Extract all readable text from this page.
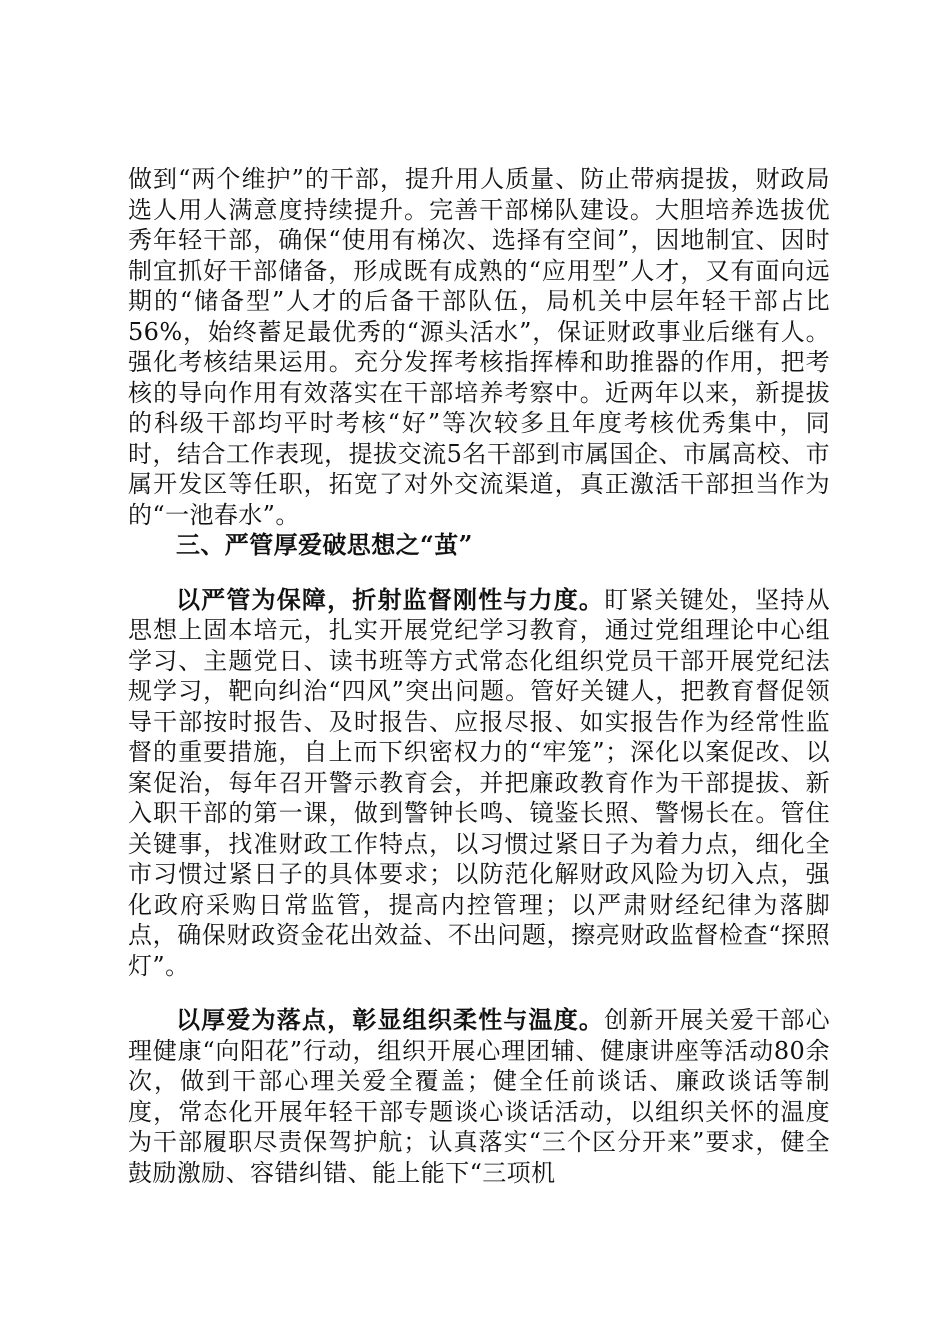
做到“两个维护”的干部，提升用人质量、防止带病提拔，财政局选人用人满意度持续提升。完善干部梯队建设。大胆培养选拔优秀年轻干部，确保“使用有梯次、选择有空间”，因地制宜、因时制宜抓好干部储备，形成既有成熟的“应用型”人才，又有面向远期的“储备型”人才的后备干部队伍，局机关中层年轻干部占比56%，始终蓄足最优秀的“源头活水”，保证财政事业后继有人。强化考核结果运用。充分发挥考核指挥棒和助推器的作用，把考核的导向作用有效落实在干部培养考察中。近两年以来，新提拔的科级干部均平时考核“好”等次较多且年度考核优秀集中，同时，结合工作表现，提拔交流5名干部到市属国企、市属高校、市属开发区等任职，拓宽了对外交流渠道，真正激活干部担当作为的“一池春水”。

三、严管厚爱破思想之“茧”

以严管为保障，折射监督刚性与力度。盯紧关键处，坚持从思想上固本培元，扎实开展党纪学习教育，通过党组理论中心组学习、主题党日、读书班等方式常态化组织党员干部开展党纪法规学习，靶向纠治“四风”突出问题。管好关键人，把教育督促领导干部按时报告、及时报告、应报尽报、如实报告作为经常性监督的重要措施，自上而下织密权力的“牢笼”；深化以案促改、以案促治，每年召开警示教育会，并把廉政教育作为干部提拔、新入职干部的第一课，做到警钟长鸣、镜鉴长照、警惕长在。管住关键事，找准财政工作特点，以习惯过紧日子为着力点，细化全市习惯过紧日子的具体要求；以防范化解财政风险为切入点，强化政府采购日常监管，提高内控管理；以严肃财经纪律为落脚点，确保财政资金花出效益、不出问题，擦亮财政监督检查“探照灯”。

以厚爱为落点，彰显组织柔性与温度。创新开展关爱干部心理健康“向阳花”行动，组织开展心理团辅、健康讲座等活动80余次，做到干部心理关爱全覆盖；健全任前谈话、廉政谈话等制度，常态化开展年轻干部专题谈心谈话活动，以组织关怀的温度为干部履职尽责保驾护航；认真落实“三个区分开来”要求，健全鼓励激励、容错纠错、能上能下“三项机
